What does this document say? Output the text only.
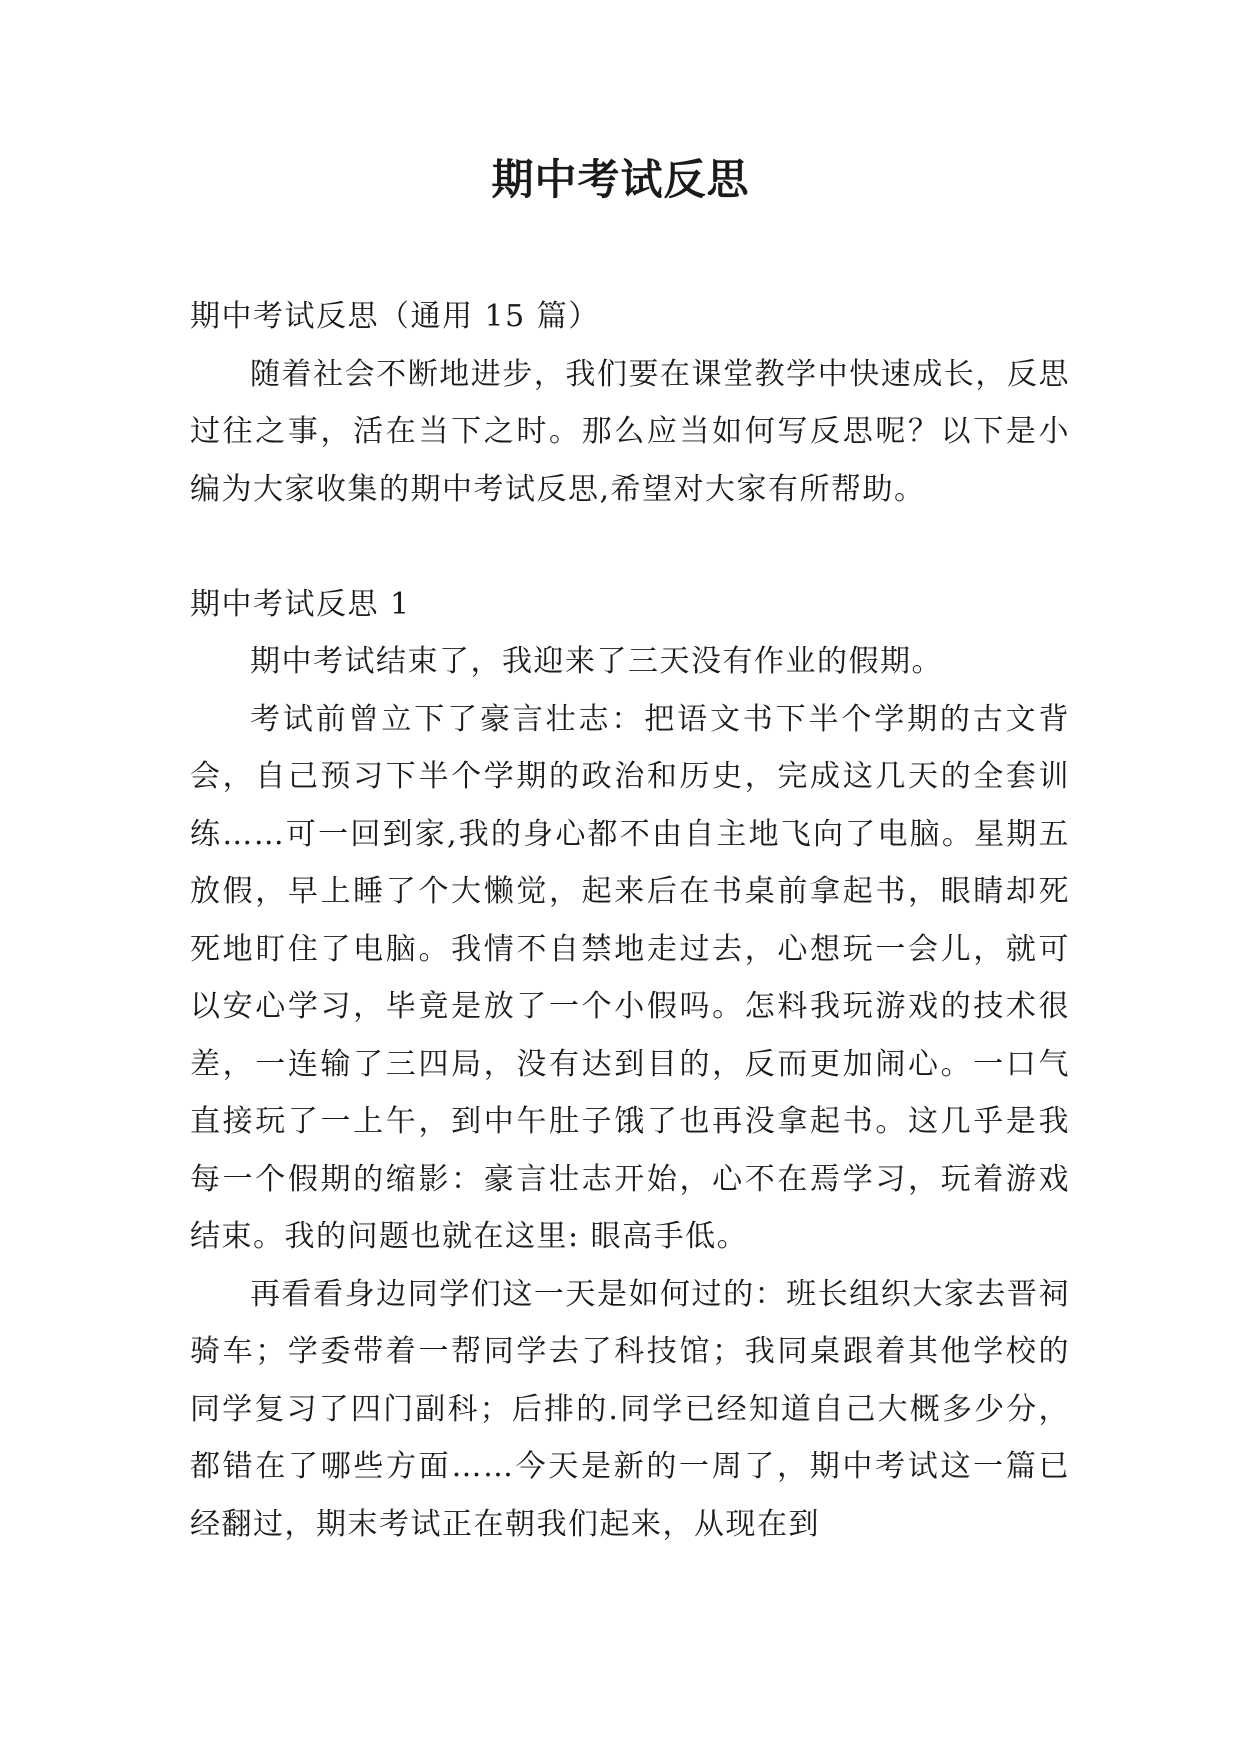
期中考试反思

期中考试反思（通用 15 篇）

随着社会不断地进步，我们要在课堂教学中快速成长，反思过往之事，活在当下之时。那么应当如何写反思呢？以下是小编为大家收集的期中考试反思,希望对大家有所帮助。

期中考试反思 1

期中考试结束了，我迎来了三天没有作业的假期。

考试前曾立下了豪言壮志：把语文书下半个学期的古文背会，自己预习下半个学期的政治和历史，完成这几天的全套训练……可一回到家,我的身心都不由自主地飞向了电脑。星期五放假，早上睡了个大懒觉，起来后在书桌前拿起书，眼睛却死死地盯住了电脑。我情不自禁地走过去，心想玩一会儿，就可以安心学习，毕竟是放了一个小假吗。怎料我玩游戏的技术很差，一连输了三四局，没有达到目的，反而更加闹心。一口气直接玩了一上午，到中午肚子饿了也再没拿起书。这几乎是我每一个假期的缩影：豪言壮志开始，心不在焉学习，玩着游戏结束。我的问题也就在这里: 眼高手低。

再看看身边同学们这一天是如何过的：班长组织大家去晋祠骑车；学委带着一帮同学去了科技馆；我同桌跟着其他学校的同学复习了四门副科；后排的.同学已经知道自己大概多少分，都错在了哪些方面……今天是新的一周了，期中考试这一篇已经翻过，期末考试正在朝我们起来，从现在到
